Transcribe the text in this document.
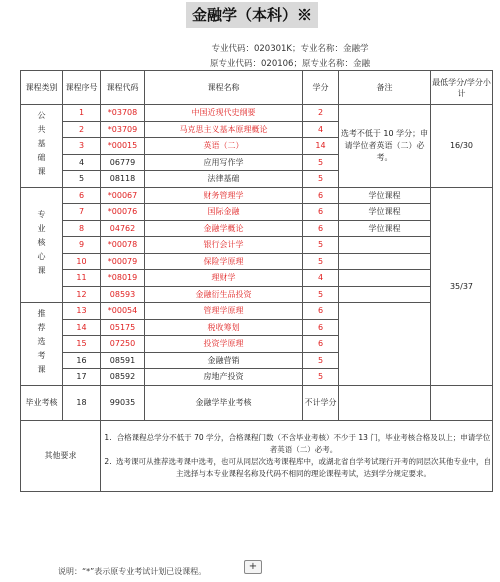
金融学（本科）※
专业代码：020301K；专业名称：金融学
原专业代码：020106；原专业名称：金融
课程类别	课程序号	课程代码	课程名称	学分	备注	最低学分/学分小计
公共基础课	1	*03708	中国近现代史纲要	2	选考不低于 10 学分；申请学位者英语（二）必考。	16/30
	2	*03709	马克思主义基本原理概论	4		
	3	*00015	英语（二）	14		
	4	06779	应用写作学	5		
	5	08118	法律基础	5		
专业核心课	6	*00067	财务管理学	6	学位课程	35/37
	7	*00076	国际金融	6	学位课程	
	8	04762	金融学概论	6	学位课程	
	9	*00078	银行会计学	5		
	10	*00079	保险学原理	5		
	11	*08019	理财学	4		
	12	08593	金融衍生品投资	5		
推荐选考课	13	*00054	管理学原理	6		
	14	05175	税收筹划	6		
	15	07250	投资学原理	6		
	16	08591	金融营销	5		
	17	08592	房地产投资	5		
毕业考核	18	99035	金融学毕业考核	不计学分		
其他要求		1. 合格课程总学分不低于 70 学分，合格课程门数（不含毕业考核）不少于 13 门，毕业考核合格及以上；申请学位者英语（二）必考。
2. 选考课可从推荐选考课中选考，也可从同层次选考课程库中，或湖北省自学考试现行开考的同层次其他专业中，自主选择与本专业课程名称及代码不相同的理论课程考试，达到学分规定要求。				
+
说明：“*”表示原专业考试计划已设课程。
